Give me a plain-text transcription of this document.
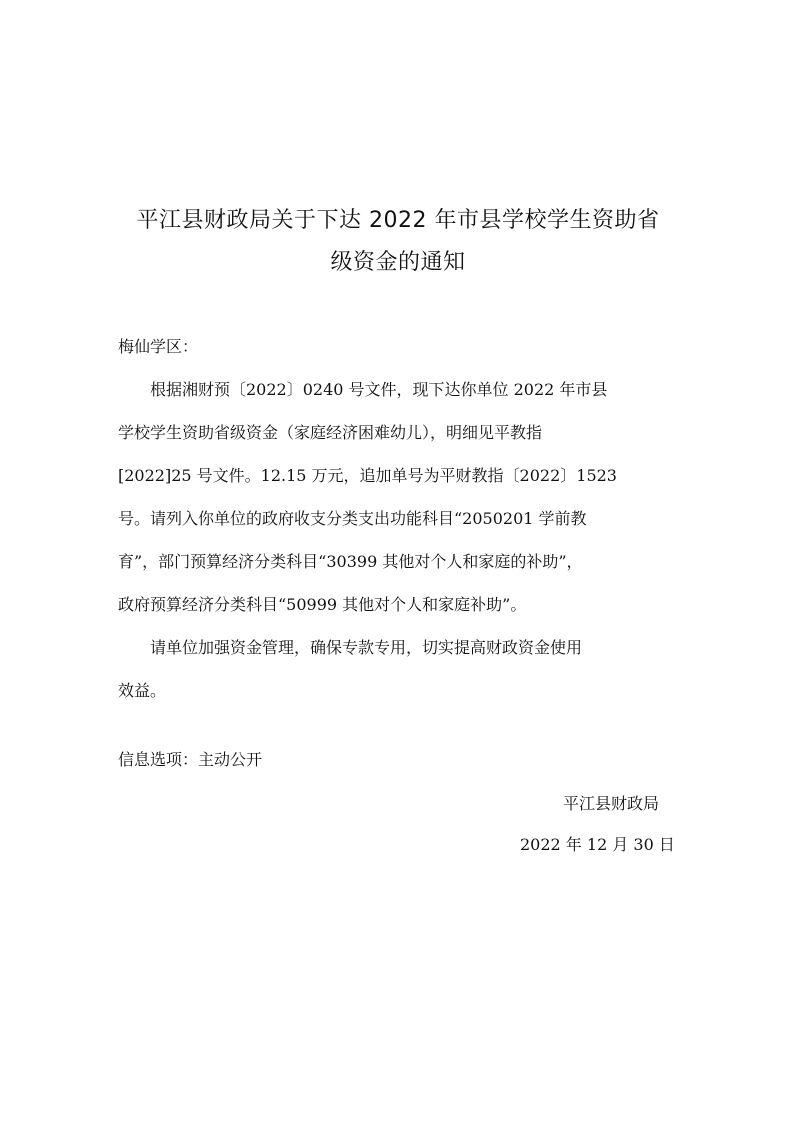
平江县财政局关于下达 2022 年市县学校学生资助省
级资金的通知

梅仙学区：

根据湘财预〔2022〕0240 号文件，现下达你单位 2022 年市县

学校学生资助省级资金（家庭经济困难幼儿），明细见平教指

[2022]25 号文件。12.15 万元，追加单号为平财教指〔2022〕1523

号。请列入你单位的政府收支分类支出功能科目“2050201 学前教

育”，部门预算经济分类科目“30399 其他对个人和家庭的补助”，

政府预算经济分类科目“50999 其他对个人和家庭补助”。

请单位加强资金管理，确保专款专用，切实提高财政资金使用

效益。

信息选项：主动公开

平江县财政局

2022 年 12 月 30 日
